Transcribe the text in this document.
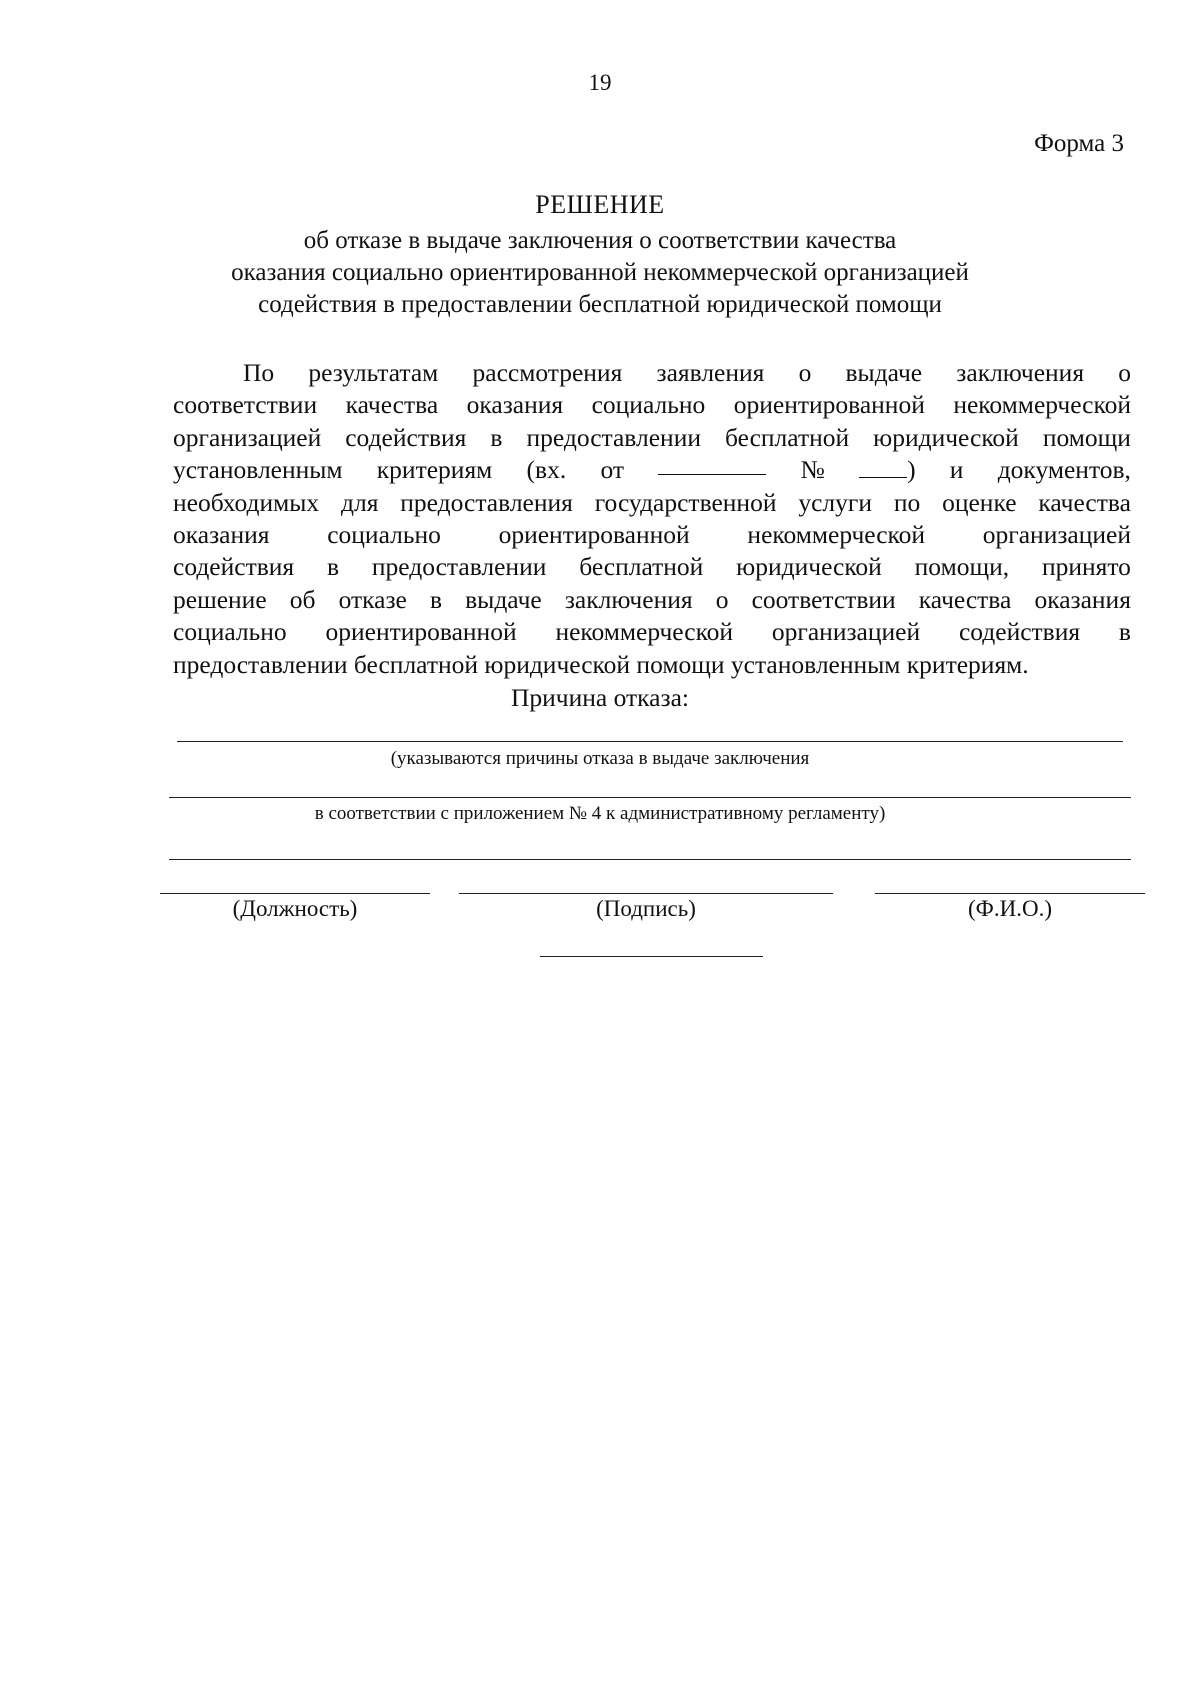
19
Форма 3
РЕШЕНИЕ
об отказе в выдаче заключения о соответствии качества
оказания социально ориентированной некоммерческой организацией
содействия в предоставлении бесплатной юридической помощи
По результатам рассмотрения заявления о выдаче заключения о
соответствии качества оказания социально ориентированной некоммерческой
организацией содействия в предоставлении бесплатной юридической помощи
установленным критериям (вх. от	№	) и документов,
необходимых для предоставления государственной услуги по оценке качества
оказания социально ориентированной некоммерческой организацией
содействия в предоставлении бесплатной юридической помощи, принято
решение об отказе в выдаче заключения о соответствии качества оказания
социально ориентированной некоммерческой организацией содействия в
предоставлении бесплатной юридической помощи установленным критериям.
Причина отказа:
(указываются причины отказа в выдаче заключения
в соответствии с приложением № 4 к административному регламенту)
(Должность)	(Подпись)	(Ф.И.О.)
